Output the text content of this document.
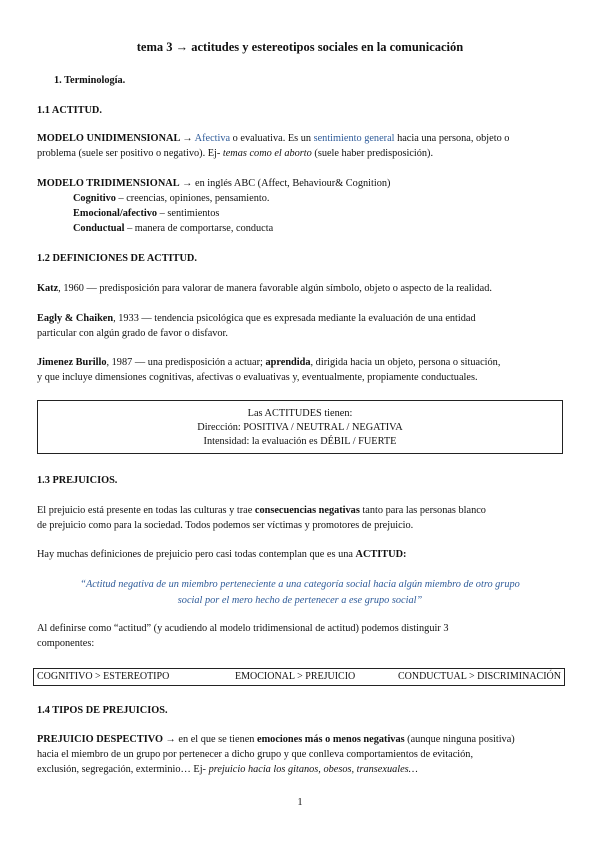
tema 3 → actitudes y estereotipos sociales en la comunicación
1. Terminología.
1.1 ACTITUD.
MODELO UNIDIMENSIONAL → Afectiva o evaluativa. Es un sentimiento general hacia una persona, objeto o
problema (suele ser positivo o negativo). Ej- temas como el aborto (suele haber predisposición).
MODELO TRIDIMENSIONAL → en inglés ABC (Affect, Behaviour& Cognition)
Cognitivo – creencias, opiniones, pensamiento.
Emocional/afectivo – sentimientos
Conductual – manera de comportarse, conducta
1.2 DEFINICIONES DE ACTITUD.
Katz, 1960 — predisposición para valorar de manera favorable algún símbolo, objeto o aspecto de la realidad.
Eagly & Chaiken, 1933 — tendencia psicológica que es expresada mediante la evaluación de una entidad
particular con algún grado de favor o disfavor.
Jimenez Burillo, 1987 — una predisposición a actuar; aprendida, dirigida hacia un objeto, persona o situación,
y que incluye dimensiones cognitivas, afectivas o evaluativas y, eventualmente, propiamente conductuales.
Las ACTITUDES tienen:
Dirección: POSITIVA / NEUTRAL / NEGATIVA
Intensidad: la evaluación es DÉBIL / FUERTE
1.3 PREJUICIOS.
El prejuicio está presente en todas las culturas y trae consecuencias negativas tanto para las personas blanco
de prejuicio como para la sociedad. Todos podemos ser víctimas y promotores de prejuicio.
Hay muchas definiciones de prejuicio pero casi todas contemplan que es una ACTITUD:
“Actitud negativa de un miembro perteneciente a una categoría social hacia algún miembro de otro grupo
social por el mero hecho de pertenecer a ese grupo social”
Al definirse como “actitud” (y acudiendo al modelo tridimensional de actitud) podemos distinguir 3
componentes:
COGNITIVO > ESTEREOTIPO	EMOCIONAL > PREJUICIO	CONDUCTUAL > DISCRIMINACIÓN
1.4 TIPOS DE PREJUICIOS.
PREJUICIO DESPECTIVO → en el que se tienen emociones más o menos negativas (aunque ninguna positiva)
hacia el miembro de un grupo por pertenecer a dicho grupo y que conlleva comportamientos de evitación,
exclusión, segregación, exterminio… Ej- prejuicio hacia los gitanos, obesos, transexuales…
1
